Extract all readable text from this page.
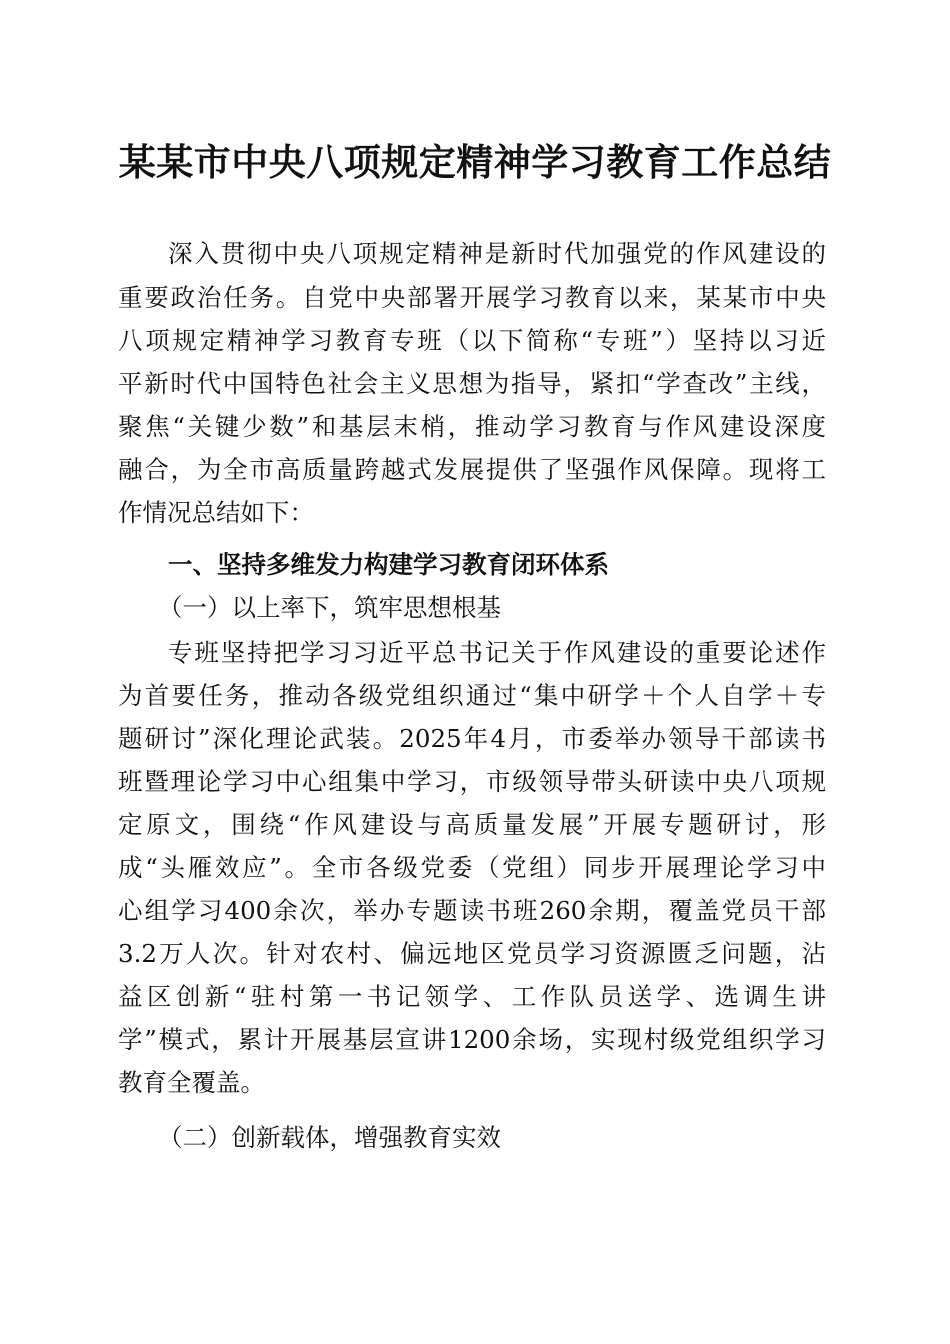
某某市中央八项规定精神学习教育工作总结
深入贯彻中央八项规定精神是新时代加强党的作风建设的
重要政治任务。自党中央部署开展学习教育以来，某某市中央
八项规定精神学习教育专班（以下简称“专班”）坚持以习近
平新时代中国特色社会主义思想为指导，紧扣“学查改”主线，
聚焦“关键少数”和基层末梢，推动学习教育与作风建设深度
融合，为全市高质量跨越式发展提供了坚强作风保障。现将工
作情况总结如下：
一、坚持多维发力构建学习教育闭环体系
（一）以上率下，筑牢思想根基
专班坚持把学习习近平总书记关于作风建设的重要论述作
为首要任务，推动各级党组织通过“集中研学＋个人自学＋专
题研讨”深化理论武装。2025年4月，市委举办领导干部读书
班暨理论学习中心组集中学习，市级领导带头研读中央八项规
定原文，围绕“作风建设与高质量发展”开展专题研讨，形
成“头雁效应”。全市各级党委（党组）同步开展理论学习中
心组学习400余次，举办专题读书班260余期，覆盖党员干部
3.2万人次。针对农村、偏远地区党员学习资源匮乏问题，沾
益区创新“驻村第一书记领学、工作队员送学、选调生讲
学”模式，累计开展基层宣讲1200余场，实现村级党组织学习
教育全覆盖。
（二）创新载体，增强教育实效
